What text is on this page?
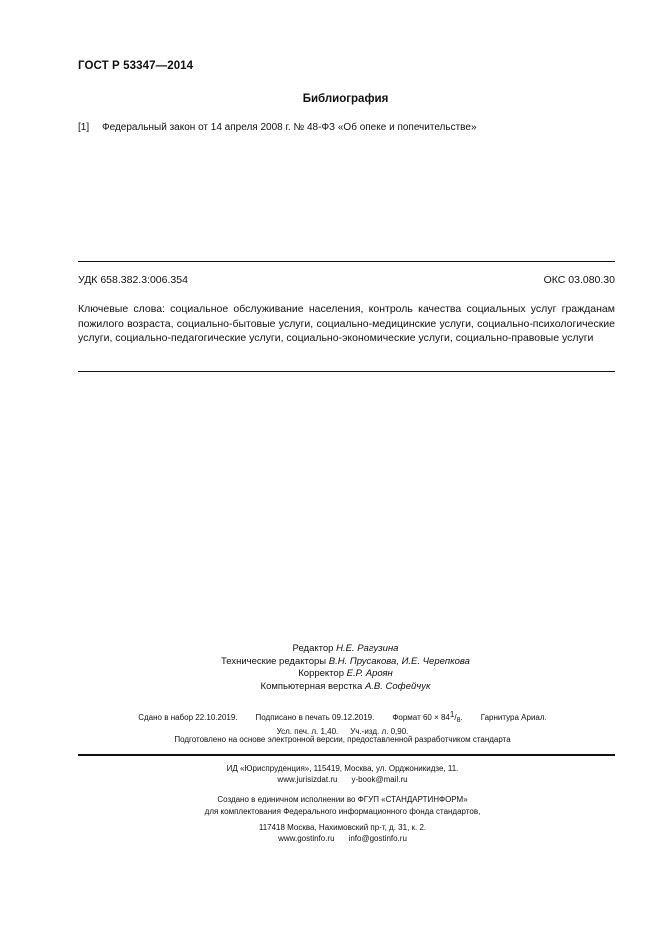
ГОСТ Р 53347—2014
Библиография
[1] Федеральный закон от 14 апреля 2008 г. № 48-ФЗ «Об опеке и попечительстве»
УДК 658.382.3:006.354	ОКС 03.080.30
Ключевые слова: социальное обслуживание населения, контроль качества социальных услуг гражданам пожилого возраста, социально-бытовые услуги, социально-медицинские услуги, социально-психологические услуги, социально-педагогические услуги, социально-экономические услуги, социально-правовые услуги
Редактор Н.Е. Рагузина
Технические редакторы В.Н. Прусакова, И.Е. Черепкова
Корректор Е.Р. Ароян
Компьютерная верстка А.В. Софейчук
Сдано в набор 22.10.2019. Подписано в печать 09.12.2019. Формат $60 \times 84^1/_8$. Гарнитура Ариал.
Усл. печ. л. 1,40. Уч.-изд. л. 0,90.
Подготовлено на основе электронной версии, предоставленной разработчиком стандарта
ИД «Юриспруденция», 115419, Москва, ул. Орджоникидзе, 11.
www.jurisizdat.ru y-book@mail.ru
Создано в единичном исполнении во ФГУП «СТАНДАРТИНФОРМ»
для комплектования Федерального информационного фонда стандартов,
117418 Москва, Нахимовский пр-т, д. 31, к. 2.
www.gostinfo.ru info@gostinfo.ru
